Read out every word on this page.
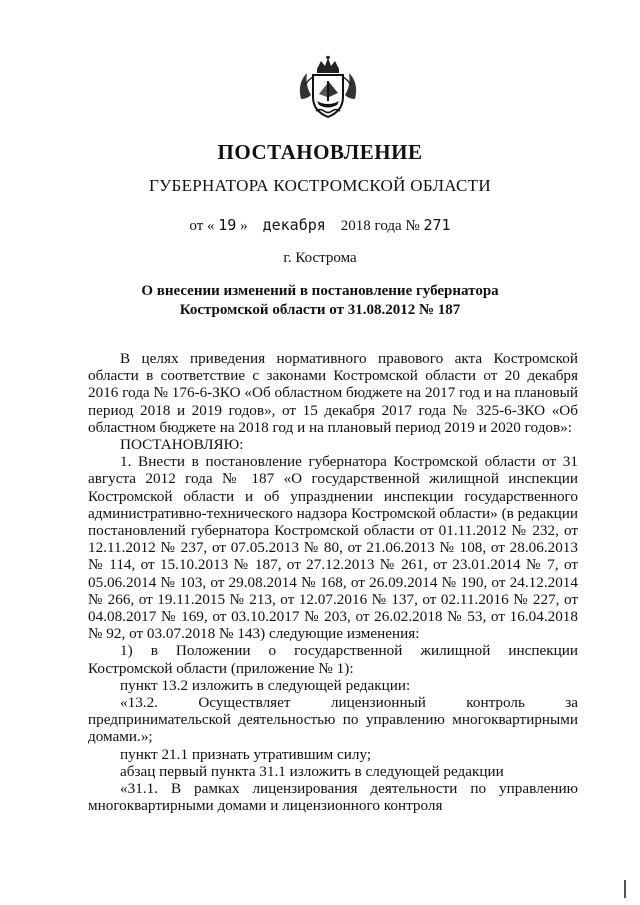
ПОСТАНОВЛЕНИЕ
ГУБЕРНАТОРА КОСТРОМСКОЙ ОБЛАСТИ
от « 19 » декабря 2018 года № 271
г. Кострома
О внесении изменений в постановление губернатора
Костромской области от 31.08.2012 № 187

В целях приведения нормативного правового акта Костромской области в соответствие с законами Костромской области от 20 декабря 2016 года № 176-6-ЗКО «Об областном бюджете на 2017 год и на плановый период 2018 и 2019 годов», от 15 декабря 2017 года № 325-6-ЗКО «Об областном бюджете на 2018 год и на плановый период 2019 и 2020 годов»:

ПОСТАНОВЛЯЮ:

1. Внести в постановление губернатора Костромской области от 31 августа 2012 года № 187 «О государственной жилищной инспекции Костромской области и об упразднении инспекции государственного административно-технического надзора Костромской области» (в редакции постановлений губернатора Костромской области от 01.11.2012 № 232, от 12.11.2012 № 237, от 07.05.2013 № 80, от 21.06.2013 № 108, от 28.06.2013 № 114, от 15.10.2013 № 187, от 27.12.2013 № 261, от 23.01.2014 № 7, от 05.06.2014 № 103, от 29.08.2014 № 168, от 26.09.2014 № 190, от 24.12.2014 № 266, от 19.11.2015 № 213, от 12.07.2016 № 137, от 02.11.2016 № 227, от 04.08.2017 № 169, от 03.10.2017 № 203, от 26.02.2018 № 53, от 16.04.2018 № 92, от 03.07.2018 № 143) следующие изменения:

1) в Положении о государственной жилищной инспекции Костромской области (приложение № 1):

пункт 13.2 изложить в следующей редакции:

«13.2. Осуществляет лицензионный контроль за предпринимательской деятельностью по управлению многоквартирными домами.»;

пункт 21.1 признать утратившим силу;

абзац первый пункта 31.1 изложить в следующей редакции

«31.1. В рамках лицензирования деятельности по управлению многоквартирными домами и лицензионного контроля
